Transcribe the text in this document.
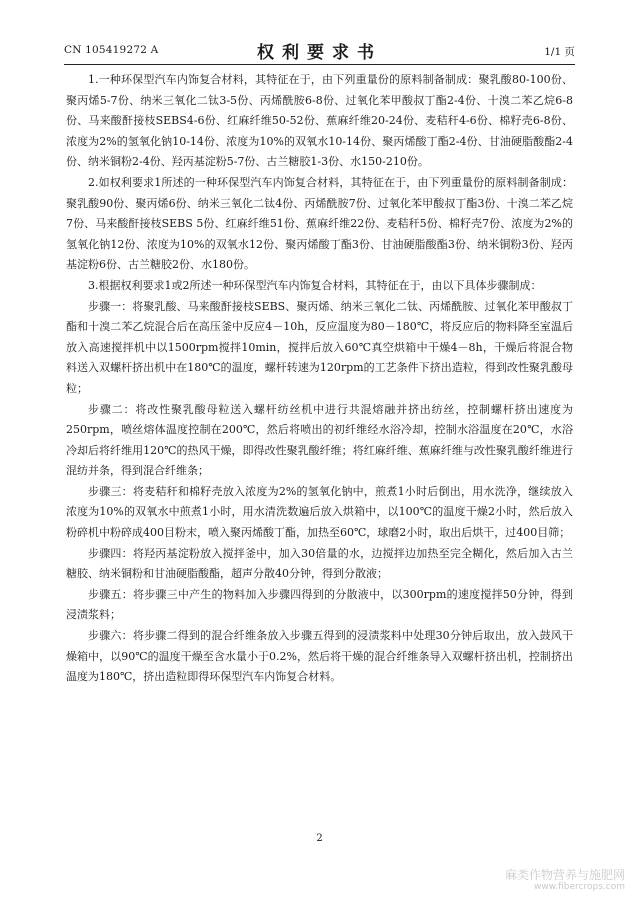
CN 105419272 A	权利要求书	1/1 页

1.一种环保型汽车内饰复合材料，其特征在于，由下列重量份的原料制备制成：聚乳酸80-100份、聚丙烯5-7份、纳米三氧化二钛3-5份、丙烯酰胺6-8份、过氧化苯甲酸叔丁酯2-4份、十溴二苯乙烷6-8份、马来酸酐接枝SEBS4-6份、红麻纤维50-52份、蕉麻纤维20-24份、麦秸秆4-6份、棉籽壳6-8份、浓度为2%的氢氧化钠10-14份、浓度为10%的双氧水10-14份、聚丙烯酸丁酯2-4份、甘油硬脂酸酯2-4份、纳米铜粉2-4份、羟丙基淀粉5-7份、古兰糖胶1-3份、水150-210份。

2.如权利要求1所述的一种环保型汽车内饰复合材料，其特征在于，由下列重量份的原料制备制成：聚乳酸90份、聚丙烯6份、纳米三氧化二钛4份、丙烯酰胺7份、过氧化苯甲酸叔丁酯3份、十溴二苯乙烷7份、马来酸酐接枝SEBS 5份、红麻纤维51份、蕉麻纤维22份、麦秸秆5份、棉籽壳7份、浓度为2%的氢氧化钠12份、浓度为10%的双氧水12份、聚丙烯酸丁酯3份、甘油硬脂酸酯3份、纳米铜粉3份、羟丙基淀粉6份、古兰糖胶2份、水180份。

3.根据权利要求1或2所述一种环保型汽车内饰复合材料，其特征在于，由以下具体步骤制成：

步骤一：将聚乳酸、马来酸酐接枝SEBS、聚丙烯、纳米三氧化二钛、丙烯酰胺、过氧化苯甲酸叔丁酯和十溴二苯乙烷混合后在高压釜中反应4－10h，反应温度为80－180℃，将反应后的物料降至室温后放入高速搅拌机中以1500rpm搅拌10min，搅拌后放入60℃真空烘箱中干燥4－8h，干燥后将混合物料送入双螺杆挤出机中在180℃的温度，螺杆转速为120rpm的工艺条件下挤出造粒，得到改性聚乳酸母粒；

步骤二：将改性聚乳酸母粒送入螺杆纺丝机中进行共混熔融并挤出纺丝，控制螺杆挤出速度为250rpm，喷丝熔体温度控制在200℃，然后将喷出的初纤维经水浴冷却，控制水浴温度在20℃，水浴冷却后将纤维用120℃的热风干燥，即得改性聚乳酸纤维；将红麻纤维、蕉麻纤维与改性聚乳酸纤维进行混纺并条，得到混合纤维条；

步骤三：将麦秸秆和棉籽壳放入浓度为2%的氢氧化钠中，煎煮1小时后倒出，用水洗净，继续放入浓度为10%的双氧水中煎煮1小时，用水清洗数遍后放入烘箱中，以100℃的温度干燥2小时，然后放入粉碎机中粉碎成400目粉末，喷入聚丙烯酸丁酯，加热至60℃，球磨2小时，取出后烘干，过400目筛；

步骤四：将羟丙基淀粉放入搅拌釜中，加入30倍量的水，边搅拌边加热至完全糊化，然后加入古兰糖胶、纳米铜粉和甘油硬脂酸酯，超声分散40分钟，得到分散液；

步骤五：将步骤三中产生的物料加入步骤四得到的分散液中，以300rpm的速度搅拌50分钟，得到浸渍浆料；

步骤六：将步骤二得到的混合纤维条放入步骤五得到的浸渍浆料中处理30分钟后取出，放入鼓风干燥箱中，以90℃的温度干燥至含水量小于0.2%，然后将干燥的混合纤维条导入双螺杆挤出机，控制挤出温度为180℃，挤出造粒即得环保型汽车内饰复合材料。

2
麻类作物营养与施肥网
www.fibercrops.com
